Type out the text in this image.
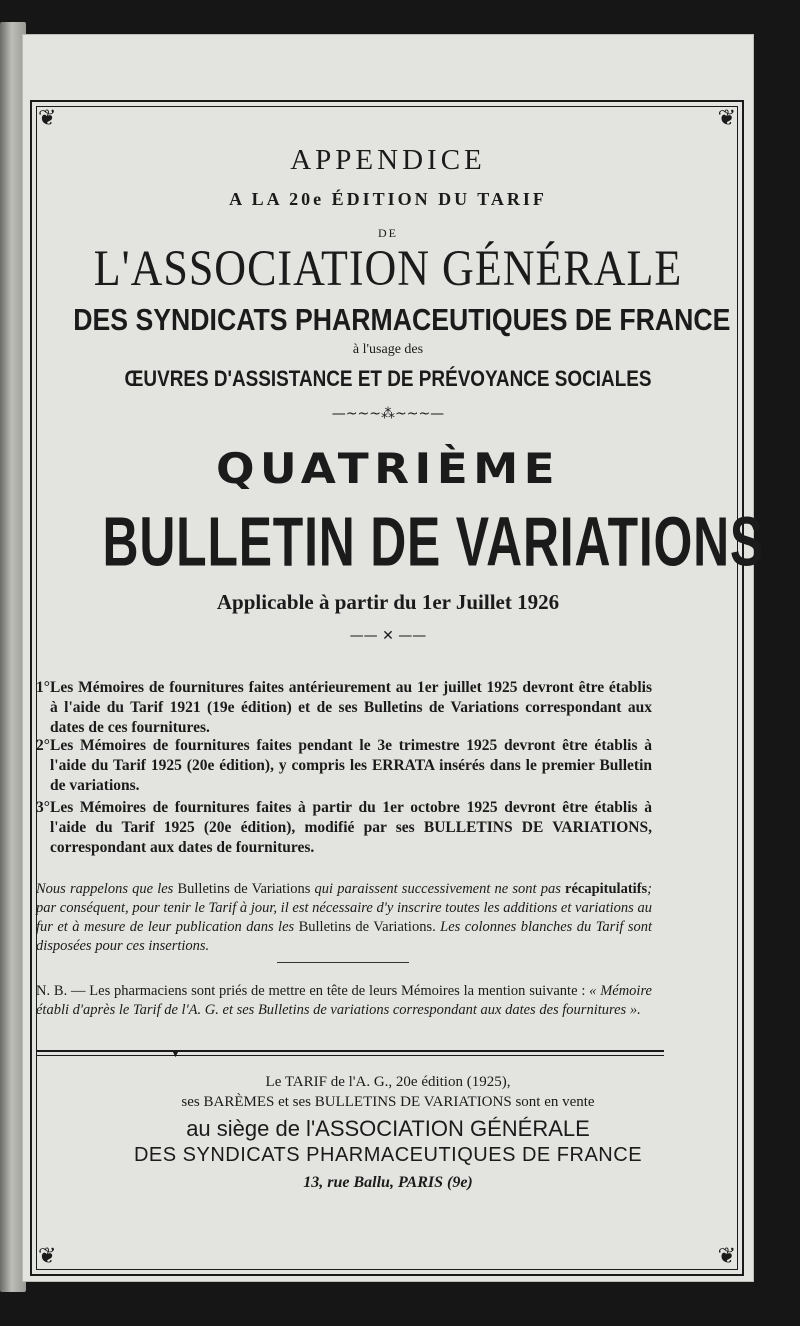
❦	❦
❦	❦
APPENDICE
A LA 20e ÉDITION DU TARIF
DE
L'ASSOCIATION GÉNÉRALE
DES SYNDICATS PHARMACEUTIQUES DE FRANCE
à l'usage des
ŒUVRES D'ASSISTANCE ET DE PRÉVOYANCE SOCIALES
—~~~⁂~~~—
QUATRIÈME
BULLETIN DE VARIATIONS
Applicable à partir du 1er Juillet 1926
—— ✕ ——
1° Les Mémoires de fournitures faites antérieurement au 1er juillet 1925 devront être établis à l'aide du Tarif 1921 (19e édition) et de ses Bulletins de Variations correspondant aux dates de ces fournitures.
2° Les Mémoires de fournitures faites pendant le 3e trimestre 1925 devront être établis à l'aide du Tarif 1925 (20e édition), y compris les ERRATA insérés dans le premier Bulletin de variations.
3° Les Mémoires de fournitures faites à partir du 1er octobre 1925 devront être établis à l'aide du Tarif 1925 (20e édition), modifié par ses BULLETINS DE VARIATIONS, correspondant aux dates de fournitures.
Nous rappelons que les Bulletins de Variations qui paraissent successivement ne sont pas récapitulatifs; par conséquent, pour tenir le Tarif à jour, il est nécessaire d'y inscrire toutes les additions et variations au fur et à mesure de leur publication dans les Bulletins de Variations. Les colonnes blanches du Tarif sont disposées pour ces insertions.
N. B. — Les pharmaciens sont priés de mettre en tête de leurs Mémoires la mention suivante : « Mémoire établi d'après le Tarif de l'A. G. et ses Bulletins de variations correspondant aux dates des fournitures ».
▼
Le TARIF de l'A. G., 20e édition (1925),
ses BARÈMES et ses BULLETINS DE VARIATIONS sont en vente
au siège de l'ASSOCIATION GÉNÉRALE
DES SYNDICATS PHARMACEUTIQUES DE FRANCE
13, rue Ballu, PARIS (9e)
